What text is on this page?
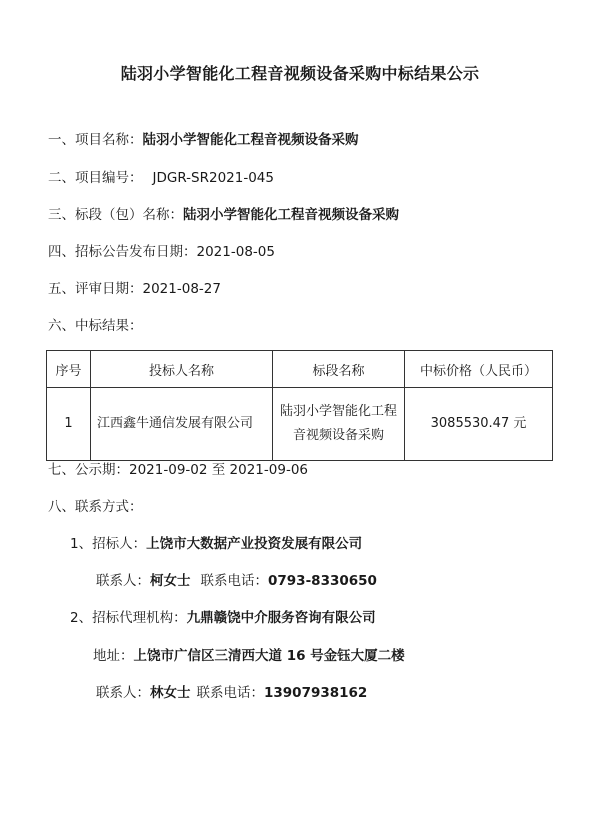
陆羽小学智能化工程音视频设备采购中标结果公示
一、项目名称：陆羽小学智能化工程音视频设备采购
二、项目编号： JDGR-SR2021-045
三、标段（包）名称：陆羽小学智能化工程音视频设备采购
四、招标公告发布日期：2021-08-05
五、评审日期：2021-08-27
六、中标结果：
序号	投标人名称	标段名称	中标价格（人民币）
1	江西鑫牛通信发展有限公司	陆羽小学智能化工程
音视频设备采购	3085530.47 元
七、公示期：2021-09-02 至 2021-09-06
八、联系方式：
1、招标人：上饶市大数据产业投资发展有限公司
联系人：柯女士 联系电话：0793-8330650
2、招标代理机构：九鼎赣饶中介服务咨询有限公司
地址：上饶市广信区三清西大道 16 号金钰大厦二楼
联系人：林女士 联系电话：13907938162
